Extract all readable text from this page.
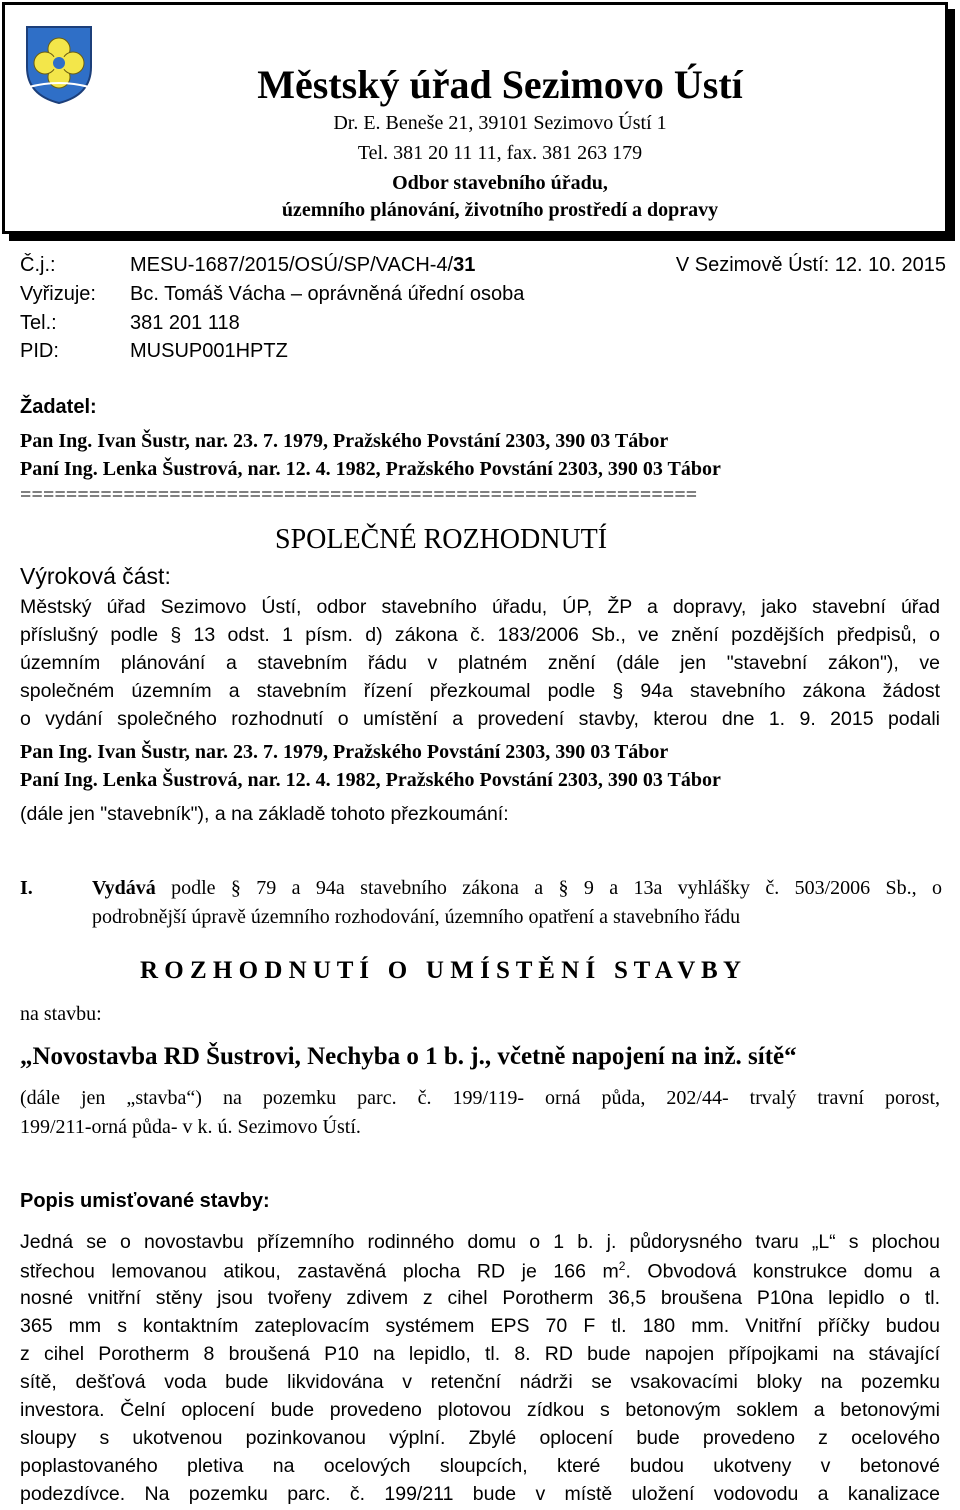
Městský úřad Sezimovo Ústí
Dr. E. Beneše 21, 39101 Sezimovo Ústí 1
Tel. 381 20 11 11, fax. 381 263 179
Odbor stavebního úřadu,
územního plánování, životního prostředí a dopravy
Č.j.:	MESU-1687/2015/OSÚ/SP/VACH-4/31	V Sezimově Ústí: 12. 10. 2015
Vyřizuje: Bc. Tomáš Vácha – oprávněná úřední osoba
Tel.:	381 201 118
PID:	MUSUP001HPTZ
Žadatel:
Pan Ing. Ivan Šustr, nar. 23. 7. 1979, Pražského Povstání 2303, 390 03 Tábor
Paní Ing. Lenka Šustrová, nar. 12. 4. 1982, Pražského Povstání 2303, 390 03 Tábor
===========================================================
SPOLEČNÉ ROZHODNUTÍ
Výroková část:
Městský úřad Sezimovo Ústí, odbor stavebního úřadu, ÚP, ŽP a dopravy, jako stavební úřad
příslušný podle § 13 odst. 1 písm. d) zákona č. 183/2006 Sb., ve znění pozdějších předpisů, o
územním plánování a stavebním řádu v platném znění (dále jen "stavební zákon"), ve
společném územním a stavebním řízení přezkoumal podle § 94a stavebního zákona žádost
o vydání společného rozhodnutí o umístění a provedení stavby, kterou dne 1. 9. 2015 podali
Pan Ing. Ivan Šustr, nar. 23. 7. 1979, Pražského Povstání 2303, 390 03 Tábor
Paní Ing. Lenka Šustrová, nar. 12. 4. 1982, Pražského Povstání 2303, 390 03 Tábor
(dále jen "stavebník"), a na základě tohoto přezkoumání:
I.	Vydává podle § 79 a 94a stavebního zákona a § 9 a 13a vyhlášky č. 503/2006 Sb., o
podrobnější úpravě územního rozhodování, územního opatření a stavebního řádu
R O Z H O D N U T Í   O   U M Í S T Ě N Í   S T A V B Y
na stavbu:
„Novostavba RD Šustrovi, Nechyba o 1 b. j., včetně napojení na inž. sítě“
(dále jen „stavba“) na pozemku parc. č. 199/119- orná půda, 202/44- trvalý travní porost,
199/211-orná půda- v k. ú. Sezimovo Ústí.
Popis umisťované stavby:
Jedná se o novostavbu přízemního rodinného domu o 1 b. j. půdorysného tvaru „L“ s plochou
střechou lemovanou atikou, zastavěná plocha RD je 166 $m^2$. Obvodová konstrukce domu a
nosné vnitřní stěny jsou tvořeny zdivem z cihel Porotherm 36,5 broušena P10na lepidlo o tl.
365 mm s kontaktním zateplovacím systémem EPS 70 F tl. 180 mm. Vnitřní příčky budou
z cihel Porotherm 8 broušená P10 na lepidlo, tl. 8. RD bude napojen přípojkami na stávající
sítě, dešťová voda bude likvidována v retenční nádrži se vsakovacími bloky na pozemku
investora. Čelní oplocení bude provedeno plotovou zídkou s betonovým soklem a betonovými
sloupy s ukotvenou pozinkovanou výplní. Zbylé oplocení bude provedeno z ocelového
poplastovaného pletiva na ocelových sloupcích, které budou ukotveny v betonové
podezdívce. Na pozemku parc. č. 199/211 bude v místě uložení vodovodu a kanalizace
